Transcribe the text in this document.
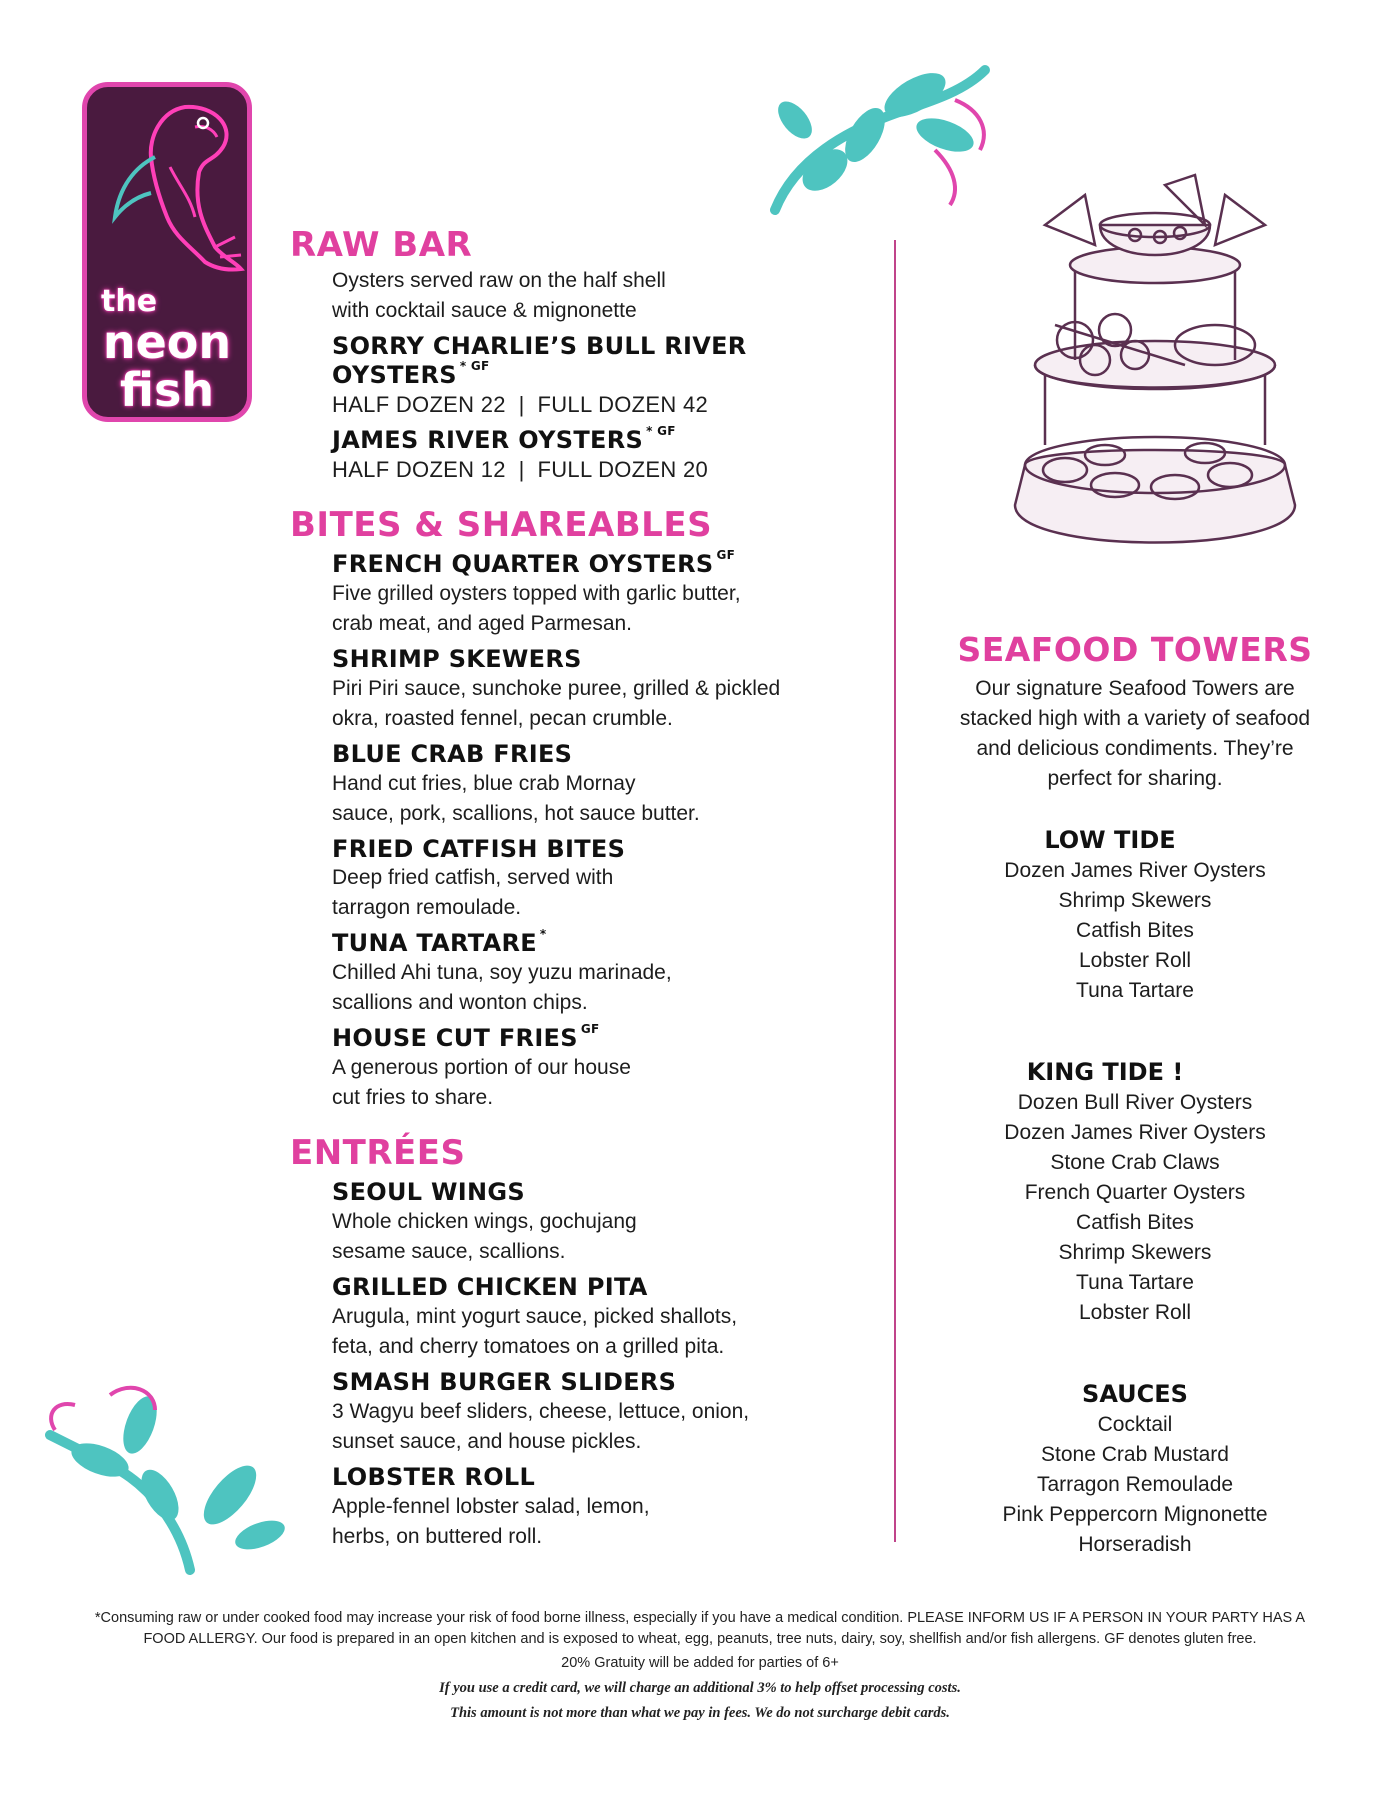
the
neon
fish
RAW BAR
Oysters served raw on the half shell
with cocktail sauce & mignonette
SORRY CHARLIE’S BULL RIVER OYSTERS $^{* GF}$
HALF DOZEN 22  |  FULL DOZEN 42
JAMES RIVER OYSTERS $^{* GF}$
HALF DOZEN 12  |  FULL DOZEN 20
BITES & SHAREABLES
FRENCH QUARTER OYSTERS $^{GF}$
Five grilled oysters topped with garlic butter,
crab meat, and aged Parmesan.
SHRIMP SKEWERS
Piri Piri sauce, sunchoke puree, grilled & pickled
okra, roasted fennel, pecan crumble.
BLUE CRAB FRIES
Hand cut fries, blue crab Mornay
sauce, pork, scallions, hot sauce butter.
FRIED CATFISH BITES
Deep fried catfish, served with
tarragon remoulade.
TUNA TARTARE *
Chilled Ahi tuna, soy yuzu marinade,
scallions and wonton chips.
HOUSE CUT FRIES $^{GF}$
A generous portion of our house
cut fries to share.
ENTRÉES
SEOUL WINGS
Whole chicken wings, gochujang
sesame sauce, scallions.
GRILLED CHICKEN PITA
Arugula, mint yogurt sauce, picked shallots,
feta, and cherry tomatoes on a grilled pita.
SMASH BURGER SLIDERS
3 Wagyu beef sliders, cheese, lettuce, onion,
sunset sauce, and house pickles.
LOBSTER ROLL
Apple-fennel lobster salad, lemon,
herbs, on buttered roll.
SEAFOOD TOWERS
Our signature Seafood Towers are
stacked high with a variety of seafood
and delicious condiments. They’re
perfect for sharing.
LOW TIDE
Dozen James River Oysters
Shrimp Skewers
Catfish Bites
Lobster Roll
Tuna Tartare
KING TIDE !
Dozen Bull River Oysters
Dozen James River Oysters
Stone Crab Claws
French Quarter Oysters
Catfish Bites
Shrimp Skewers
Tuna Tartare
Lobster Roll
SAUCES
Cocktail
Stone Crab Mustard
Tarragon Remoulade
Pink Peppercorn Mignonette
Horseradish
*Consuming raw or under cooked food may increase your risk of food borne illness, especially if you have a medical condition. PLEASE INFORM US IF A PERSON IN YOUR PARTY HAS A
FOOD ALLERGY. Our food is prepared in an open kitchen and is exposed to wheat, egg, peanuts, tree nuts, dairy, soy, shellfish and/or fish allergens. GF denotes gluten free.
20% Gratuity will be added for parties of 6+
If you use a credit card, we will charge an additional 3% to help offset processing costs.
This amount is not more than what we pay in fees. We do not surcharge debit cards.
